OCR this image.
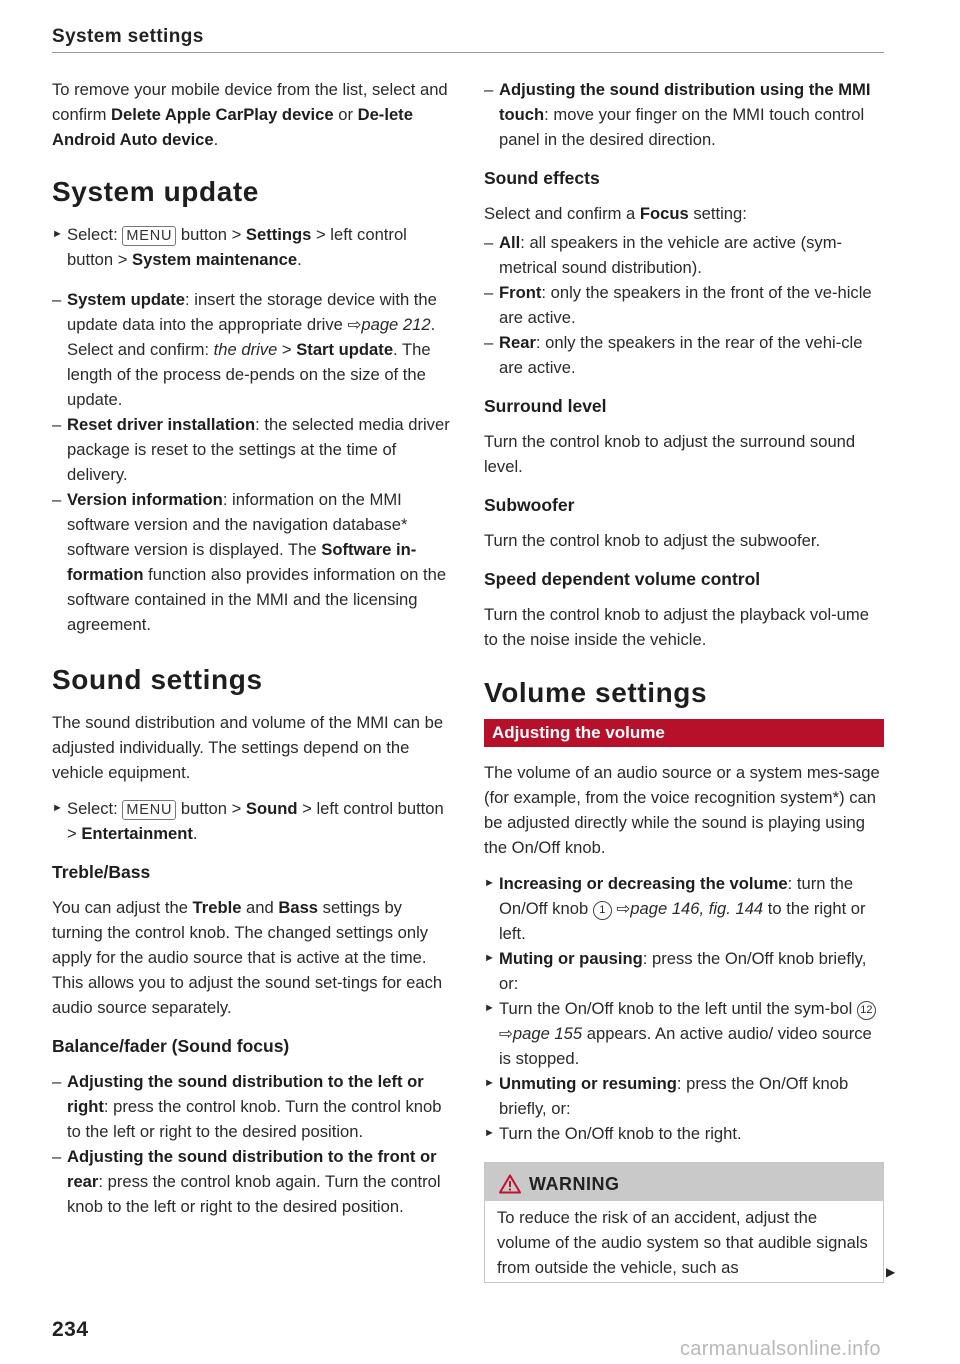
System settings

To remove your mobile device from the list, select and confirm Delete Apple CarPlay device or De-lete Android Auto device.

System update

► Select: MENU button > Settings > left control button > System maintenance.

– System update: insert the storage device with the update data into the appropriate drive ⇨page 212. Select and confirm: the drive > Start update. The length of the process de-pends on the size of the update.

– Reset driver installation: the selected media driver package is reset to the settings at the time of delivery.

– Version information: information on the MMI software version and the navigation database* software version is displayed. The Software in-formation function also provides information on the software contained in the MMI and the licensing agreement.

Sound settings

The sound distribution and volume of the MMI can be adjusted individually. The settings depend on the vehicle equipment.

► Select: MENU button > Sound > left control button > Entertainment.

Treble/Bass

You can adjust the Treble and Bass settings by turning the control knob. The changed settings only apply for the audio source that is active at the time. This allows you to adjust the sound set-tings for each audio source separately.

Balance/fader (Sound focus)

– Adjusting the sound distribution to the left or right: press the control knob. Turn the control knob to the left or right to the desired position.

– Adjusting the sound distribution to the front or rear: press the control knob again. Turn the control knob to the left or right to the desired position.

– Adjusting the sound distribution using the MMI touch: move your finger on the MMI touch control panel in the desired direction.

Sound effects

Select and confirm a Focus setting:

– All: all speakers in the vehicle are active (sym-metrical sound distribution).

– Front: only the speakers in the front of the ve-hicle are active.

– Rear: only the speakers in the rear of the vehi-cle are active.

Surround level

Turn the control knob to adjust the surround sound level.

Subwoofer

Turn the control knob to adjust the subwoofer.

Speed dependent volume control

Turn the control knob to adjust the playback vol-ume to the noise inside the vehicle.

Volume settings
Adjusting the volume

The volume of an audio source or a system mes-sage (for example, from the voice recognition system*) can be adjusted directly while the sound is playing using the On/Off knob.

► Increasing or decreasing the volume: turn the On/Off knob 1 ⇨page 146, fig. 144 to the right or left.

► Muting or pausing: press the On/Off knob briefly, or:

► Turn the On/Off knob to the left until the sym-bol 12 ⇨page 155 appears. An active audio/ video source is stopped.

► Unmuting or resuming: press the On/Off knob briefly, or:

► Turn the On/Off knob to the right.

WARNING
To reduce the risk of an accident, adjust the volume of the audio system so that audible signals from outside the vehicle, such as	▶
234
carmanualsonline.info
